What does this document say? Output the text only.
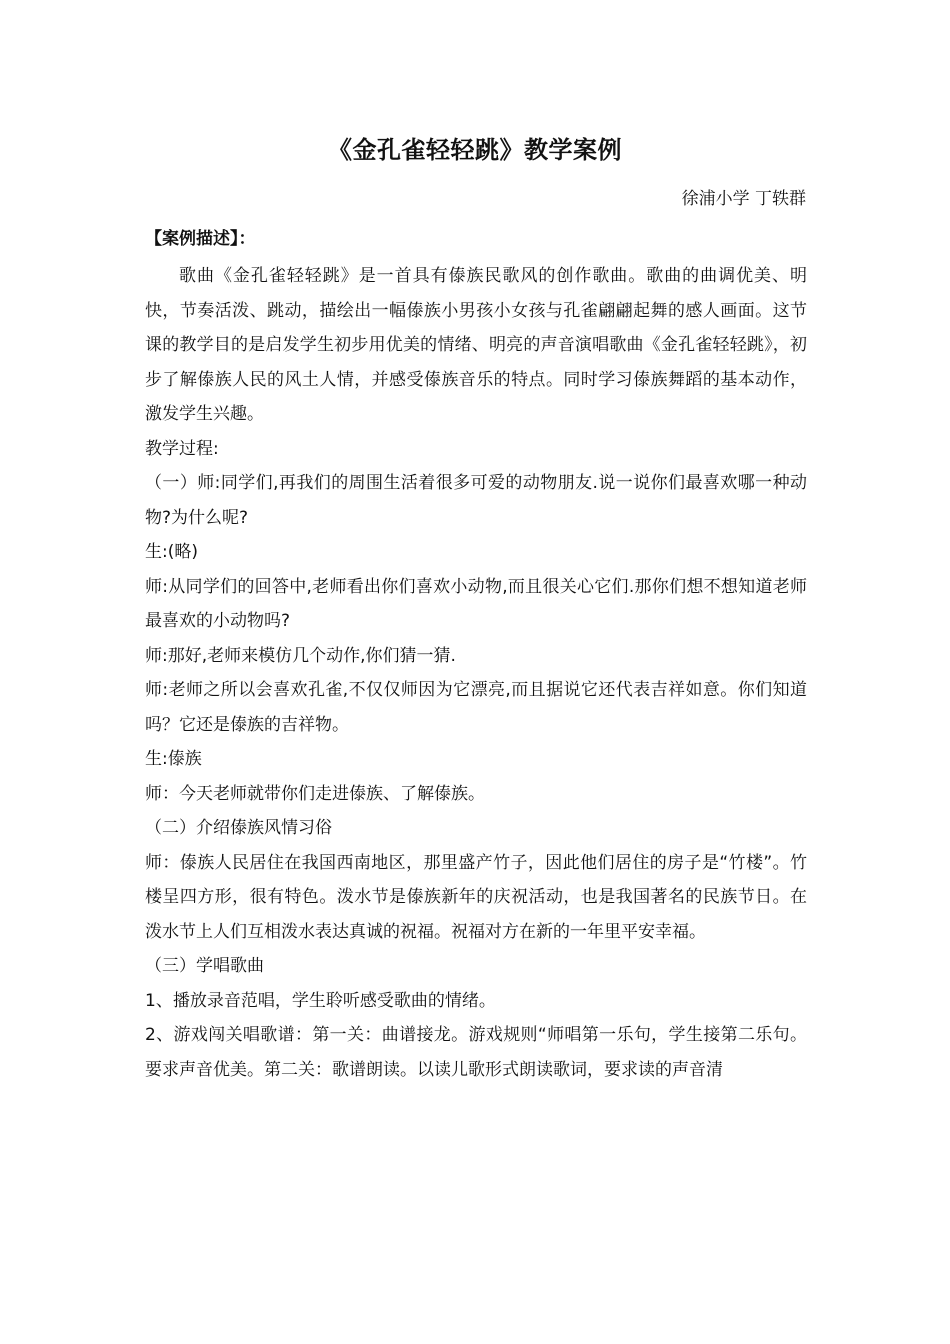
《金孔雀轻轻跳》教学案例
徐浦小学 丁轶群
【案例描述】：

歌曲《金孔雀轻轻跳》是一首具有傣族民歌风的创作歌曲。歌曲的曲调优美、明快，节奏活泼、跳动，描绘出一幅傣族小男孩小女孩与孔雀翩翩起舞的感人画面。这节课的教学目的是启发学生初步用优美的情绪、明亮的声音演唱歌曲《金孔雀轻轻跳》，初步了解傣族人民的风土人情，并感受傣族音乐的特点。同时学习傣族舞蹈的基本动作，激发学生兴趣。

教学过程:

（一）师:同学们,再我们的周围生活着很多可爱的动物朋友.说一说你们最喜欢哪一种动物?为什么呢?

生:(略)

师:从同学们的回答中,老师看出你们喜欢小动物,而且很关心它们.那你们想不想知道老师最喜欢的小动物吗?

师:那好,老师来模仿几个动作,你们猜一猜.

师:老师之所以会喜欢孔雀,不仅仅师因为它漂亮,而且据说它还代表吉祥如意。你们知道吗？它还是傣族的吉祥物。

生:傣族

师：今天老师就带你们走进傣族、了解傣族。

（二）介绍傣族风情习俗

师：傣族人民居住在我国西南地区，那里盛产竹子，因此他们居住的房子是“竹楼”。竹楼呈四方形，很有特色。泼水节是傣族新年的庆祝活动，也是我国著名的民族节日。在泼水节上人们互相泼水表达真诚的祝福。祝福对方在新的一年里平安幸福。

（三）学唱歌曲

1、播放录音范唱，学生聆听感受歌曲的情绪。

2、游戏闯关唱歌谱：第一关：曲谱接龙。游戏规则“师唱第一乐句，学生接第二乐句。要求声音优美。第二关：歌谱朗读。以读儿歌形式朗读歌词，要求读的声音清
